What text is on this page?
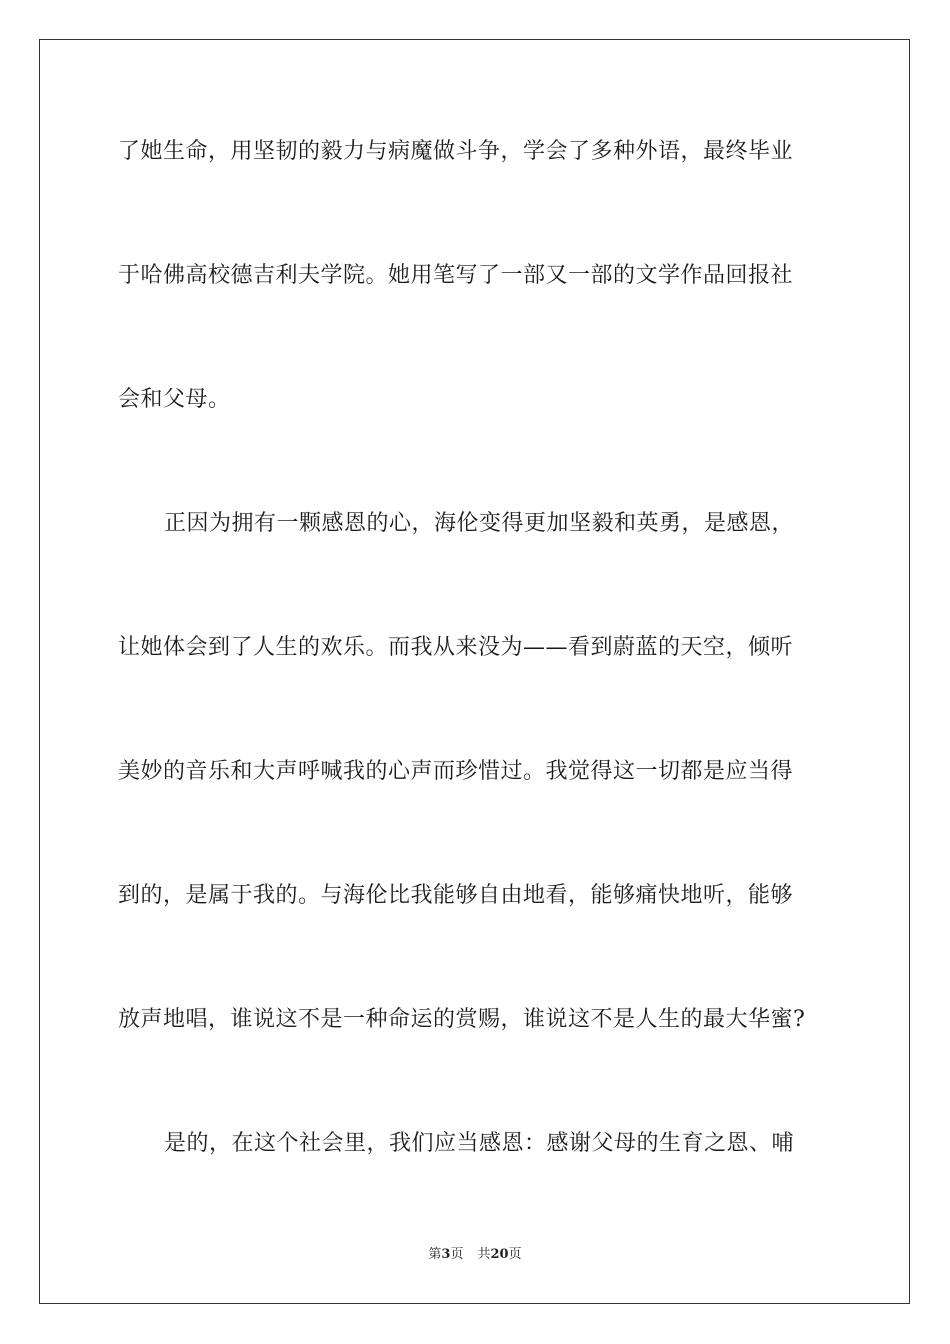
了她生命，用坚韧的毅力与病魔做斗争，学会了多种外语，最终毕业
于哈佛高校德吉利夫学院。她用笔写了一部又一部的文学作品回报社
会和父母。
正因为拥有一颗感恩的心，海伦变得更加坚毅和英勇，是感恩，
让她体会到了人生的欢乐。而我从来没为——看到蔚蓝的天空，倾听
美妙的音乐和大声呼喊我的心声而珍惜过。我觉得这一切都是应当得
到的，是属于我的。与海伦比我能够自由地看，能够痛快地听，能够
放声地唱，谁说这不是一种命运的赏赐，谁说这不是人生的最大华蜜?
是的，在这个社会里，我们应当感恩：感谢父母的生育之恩、哺
第3页 共20页
